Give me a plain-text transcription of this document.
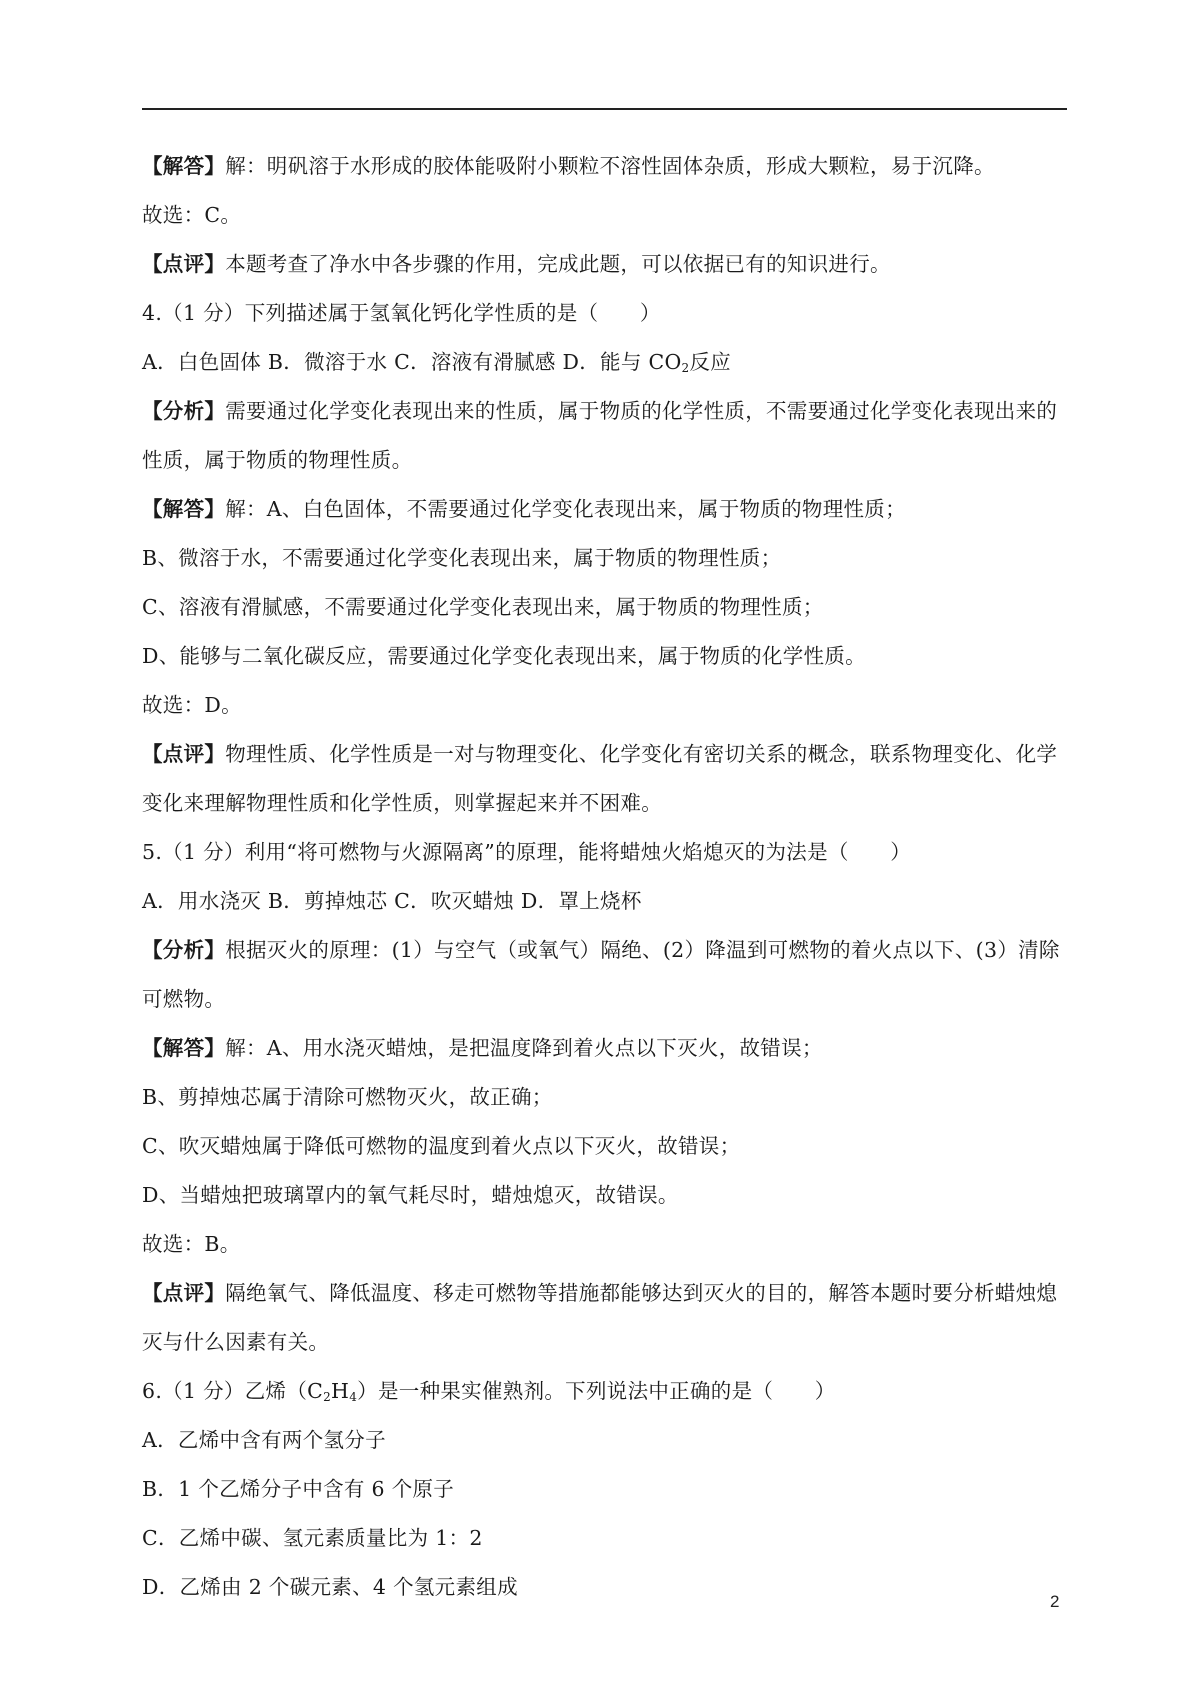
【解答】解：明矾溶于水形成的胶体能吸附小颗粒不溶性固体杂质，形成大颗粒，易于沉降。
故选：C。
【点评】本题考查了净水中各步骤的作用，完成此题，可以依据已有的知识进行。
4.（1 分）下列描述属于氢氧化钙化学性质的是（　　）
A．白色固体 B．微溶于水 C．溶液有滑腻感 D．能与 $CO_2$反应
【分析】需要通过化学变化表现出来的性质，属于物质的化学性质，不需要通过化学变化表现出来的性质，属于物质的物理性质。
【解答】解：A、白色固体，不需要通过化学变化表现出来，属于物质的物理性质；
B、微溶于水，不需要通过化学变化表现出来，属于物质的物理性质；
C、溶液有滑腻感，不需要通过化学变化表现出来，属于物质的物理性质；
D、能够与二氧化碳反应，需要通过化学变化表现出来，属于物质的化学性质。
故选：D。
【点评】物理性质、化学性质是一对与物理变化、化学变化有密切关系的概念，联系物理变化、化学变化来理解物理性质和化学性质，则掌握起来并不困难。
5.（1 分）利用“将可燃物与火源隔离”的原理，能将蜡烛火焰熄灭的为法是（　　）
A．用水浇灭 B．剪掉烛芯 C．吹灭蜡烛 D．罩上烧杯
【分析】根据灭火的原理：(1）与空气（或氧气）隔绝、(2）降温到可燃物的着火点以下、(3）清除可燃物。
【解答】解：A、用水浇灭蜡烛，是把温度降到着火点以下灭火，故错误；
B、剪掉烛芯属于清除可燃物灭火，故正确；
C、吹灭蜡烛属于降低可燃物的温度到着火点以下灭火，故错误；
D、当蜡烛把玻璃罩内的氧气耗尽时，蜡烛熄灭，故错误。
故选：B。
【点评】隔绝氧气、降低温度、移走可燃物等措施都能够达到灭火的目的，解答本题时要分析蜡烛熄灭与什么因素有关。
6.（1 分）乙烯$(C_2H_4)$是一种果实催熟剂。下列说法中正确的是（　　）
A．乙烯中含有两个氢分子
B．1 个乙烯分子中含有 6 个原子
C．乙烯中碳、氢元素质量比为 1：2
D．乙烯由 2 个碳元素、4 个氢元素组成
2
